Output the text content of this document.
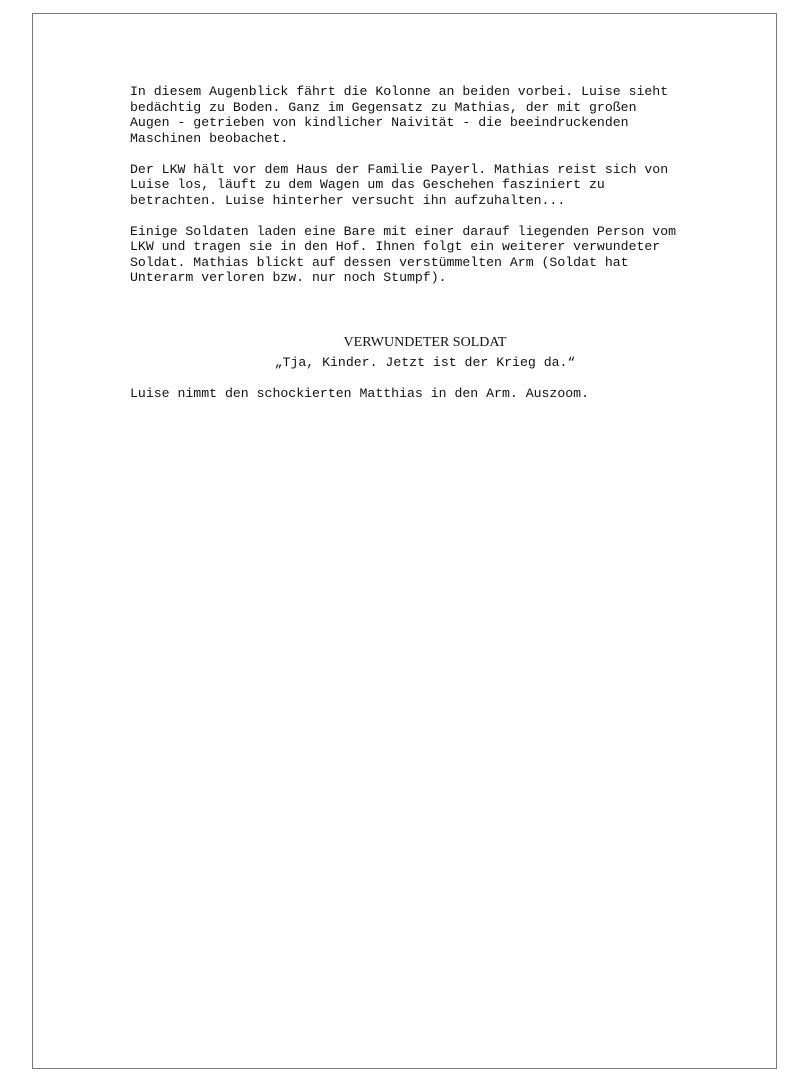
In diesem Augenblick fährt die Kolonne an beiden vorbei. Luise sieht
bedächtig zu Boden. Ganz im Gegensatz zu Mathias, der mit großen
Augen - getrieben von kindlicher Naivität - die beeindruckenden
Maschinen beobachet.

Der LKW hält vor dem Haus der Familie Payerl. Mathias reist sich von
Luise los, läuft zu dem Wagen um das Geschehen fasziniert zu
betrachten. Luise hinterher versucht ihn aufzuhalten...

Einige Soldaten laden eine Bare mit einer darauf liegenden Person vom
LKW und tragen sie in den Hof. Ihnen folgt ein weiterer verwundeter
Soldat. Mathias blickt auf dessen verstümmelten Arm (Soldat hat
Unterarm verloren bzw. nur noch Stumpf).

VERWUNDETER SOLDAT

„Tja, Kinder. Jetzt ist der Krieg da.“

Luise nimmt den schockierten Matthias in den Arm. Auszoom.
